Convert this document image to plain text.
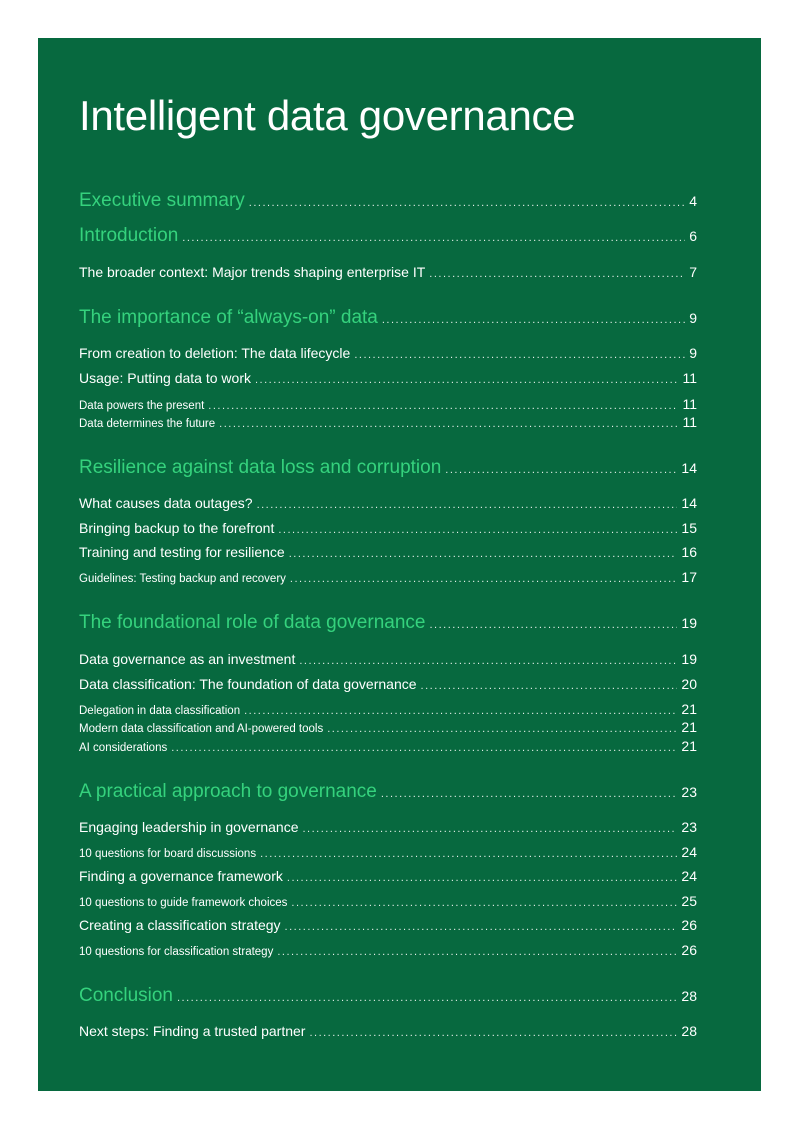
Intelligent data governance
Executive summary .....	4
Introduction .....	6
The broader context: Major trends shaping enterprise IT .....	7
The importance of “always-on” data .....	9
From creation to deletion: The data lifecycle .....	9
Usage: Putting data to work .....	11
Data powers the present .....	11
Data determines the future .....	11
Resilience against data loss and corruption .....	14
What causes data outages? .....	14
Bringing backup to the forefront .....	15
Training and testing for resilience .....	16
Guidelines: Testing backup and recovery .....	17
The foundational role of data governance .....	19
Data governance as an investment .....	19
Data classification: The foundation of data governance .....	20
Delegation in data classification .....	21
Modern data classification and AI-powered tools .....	21
AI considerations .....	21
A practical approach to governance .....	23
Engaging leadership in governance .....	23
10 questions for board discussions .....	24
Finding a governance framework .....	24
10 questions to guide framework choices .....	25
Creating a classification strategy .....	26
10 questions for classification strategy .....	26
Conclusion .....	28
Next steps: Finding a trusted partner .....	28
